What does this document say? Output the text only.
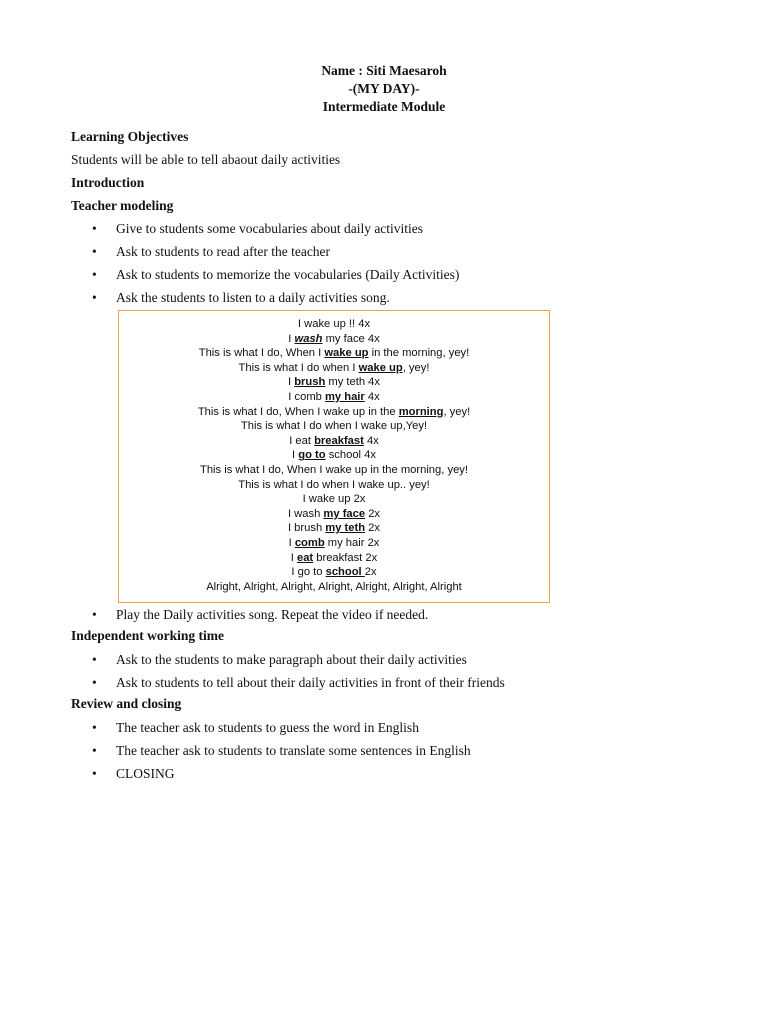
Name : Siti Maesaroh
-(MY DAY)-
Intermediate Module
Learning Objectives
Students will be able to tell abaout daily activities
Introduction
Teacher modeling
• Give to students some vocabularies about daily activities
• Ask to students to read after the teacher
• Ask to students to memorize the vocabularies (Daily Activities)
• Ask the students to listen to a daily activities song.
I wake up !! 4x
I wash my face 4x
This is what I do, When I wake up in the morning, yey!
This is what I do when I wake up, yey!
I brush my teth 4x
I comb my hair 4x
This is what I do, When I wake up in the morning, yey!
This is what I do when I wake up,Yey!
I eat breakfast 4x
I go to school 4x
This is what I do, When I wake up in the morning, yey!
This is what I do when I wake up.. yey!
I wake up 2x
I wash my face 2x
I brush my teth 2x
I comb my hair 2x
I eat breakfast 2x
I go to school 2x
Alright, Alright, Alright, Alright, Alright, Alright, Alright
• Play the Daily activities song. Repeat the video if needed.
Independent working time
• Ask to the students to make paragraph about their daily activities
• Ask to students to tell about their daily activities in front of their friends
Review and closing
• The teacher ask to students to guess the word in English
• The teacher ask to students to translate some sentences in English
• CLOSING
